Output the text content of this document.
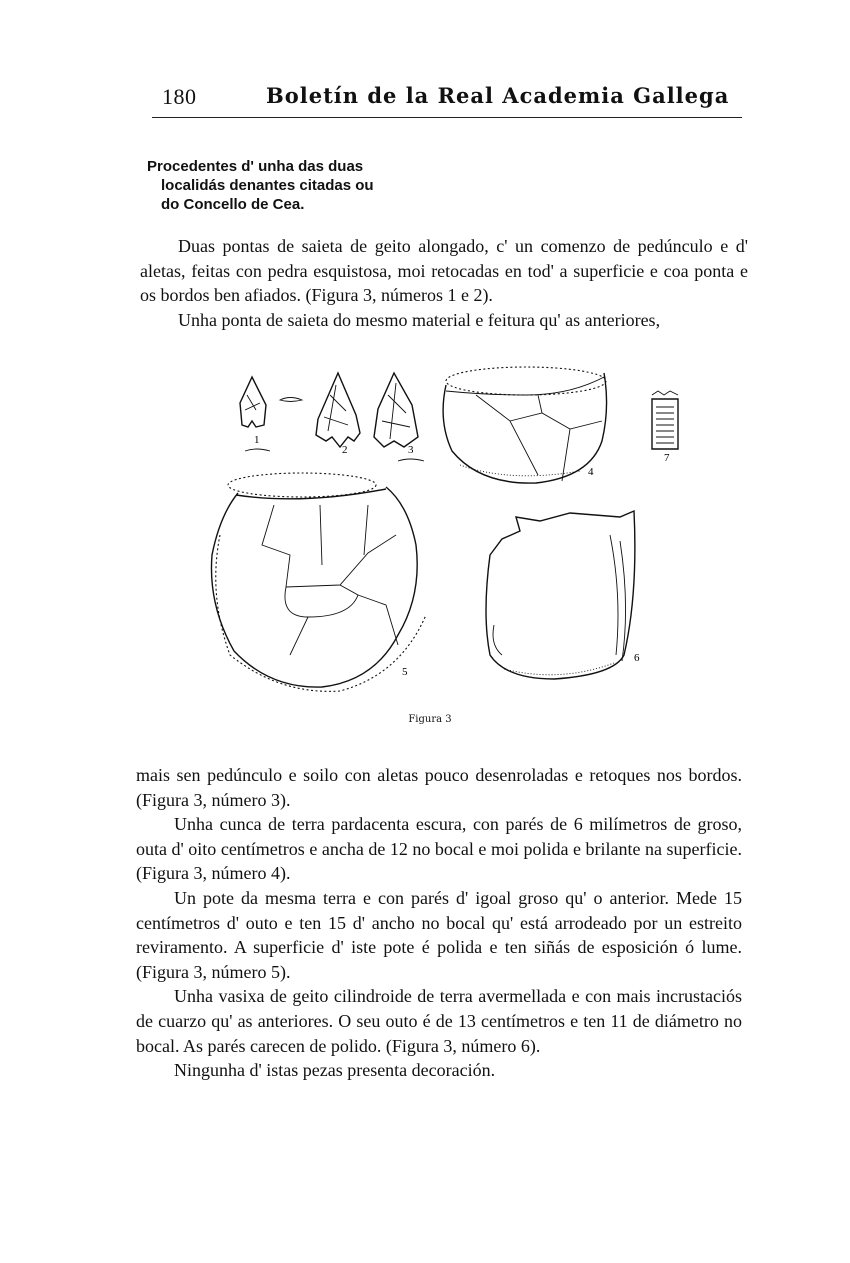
180	Boletín de la Real Academia Gallega
Procedentes d' unha das duas
localidás denantes citadas ou
do Concello de Cea.

Duas pontas de saieta de geito alongado, c' un comenzo de pedúnculo e d' aletas, feitas con pedra esquistosa, moi retocadas en tod' a superficie e coa ponta e os bordos ben afiados. (Figura 3, números 1 e 2).

Unha ponta de saieta do mesmo material e feitura qu' as anteriores,

1
2	3
4
7
5
6
Figura 3

mais sen pedúnculo e soilo con aletas pouco desenroladas e retoques nos bordos. (Figura 3, número 3).

Unha cunca de terra pardacenta escura, con parés de 6 milímetros de groso, outa d' oito centímetros e ancha de 12 no bocal e moi polida e brilante na superficie. (Figura 3, número 4).

Un pote da mesma terra e con parés d' igoal groso qu' o anterior. Mede 15 centímetros d' outo e ten 15 d' ancho no bocal qu' está arrodeado por un estreito reviramento. A superficie d' iste pote é polida e ten siñás de esposición ó lume. (Figura 3, número 5).

Unha vasixa de geito cilindroide de terra avermellada e con mais incrustaciós de cuarzo qu' as anteriores. O seu outo é de 13 centímetros e ten 11 de diámetro no bocal. As parés carecen de polido. (Figura 3, número 6).

Ningunha d' istas pezas presenta decoración.
